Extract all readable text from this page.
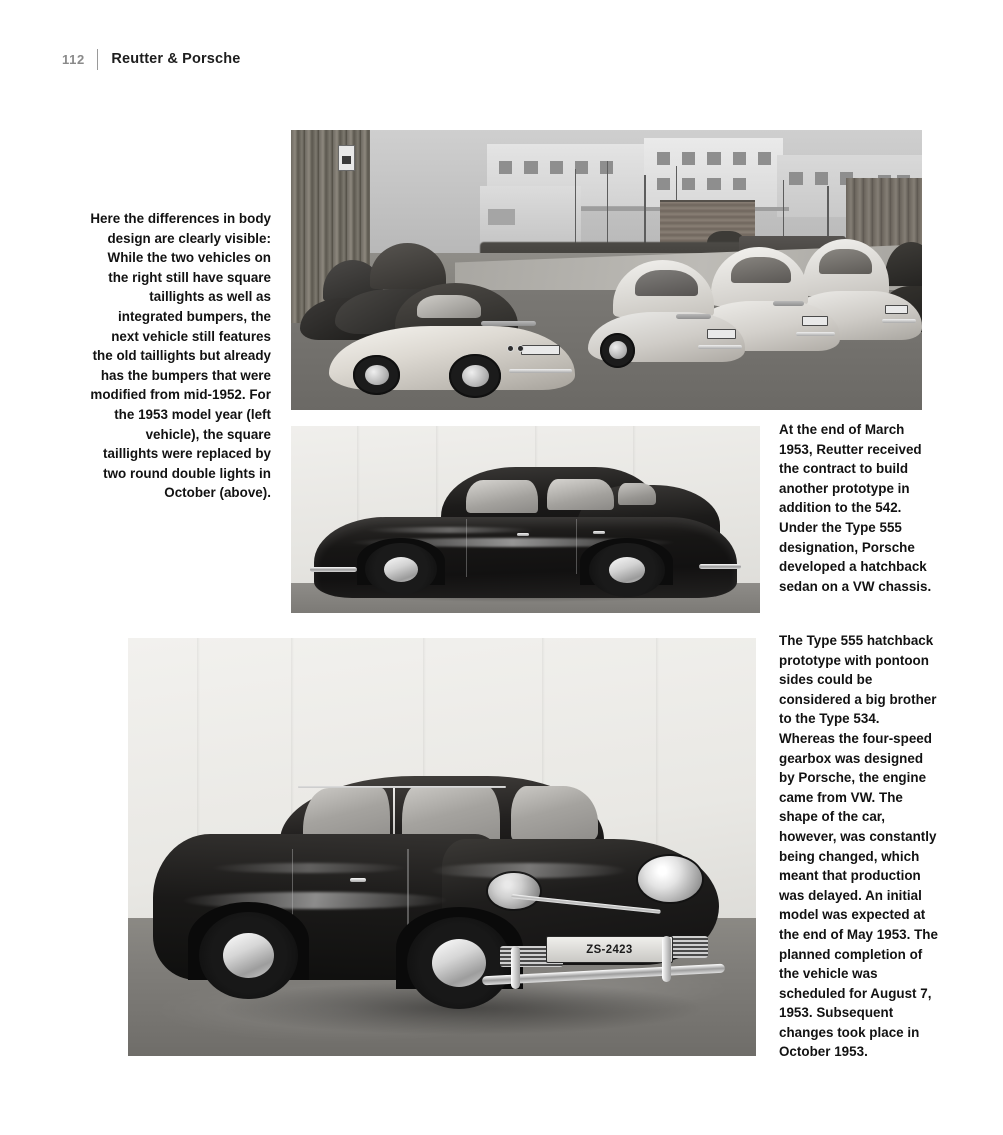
112	Reutter & Porsche
ZS-2423
Here the differences in body design are clearly visible: While the two vehicles on the right still have square taillights as well as integrated bumpers, the next vehicle still features the old taillights but already has the bumpers that were modified from mid-1952. For the 1953 model year (left vehicle), the square taillights were replaced by two round double lights in October (above).
At the end of March 1953, Reutter received the contract to build another prototype in addition to the 542. Under the Type 555 designation, Porsche developed a hatchback sedan on a VW chassis.
The Type 555 hatchback prototype with pontoon sides could be considered a big brother to the Type 534. Whereas the four-speed gearbox was designed by Porsche, the engine came from VW. The shape of the car, however, was constantly being changed, which meant that production was delayed. An initial model was expected at the end of May 1953. The planned completion of the vehicle was scheduled for August 7, 1953. Subsequent changes took place in October 1953.
